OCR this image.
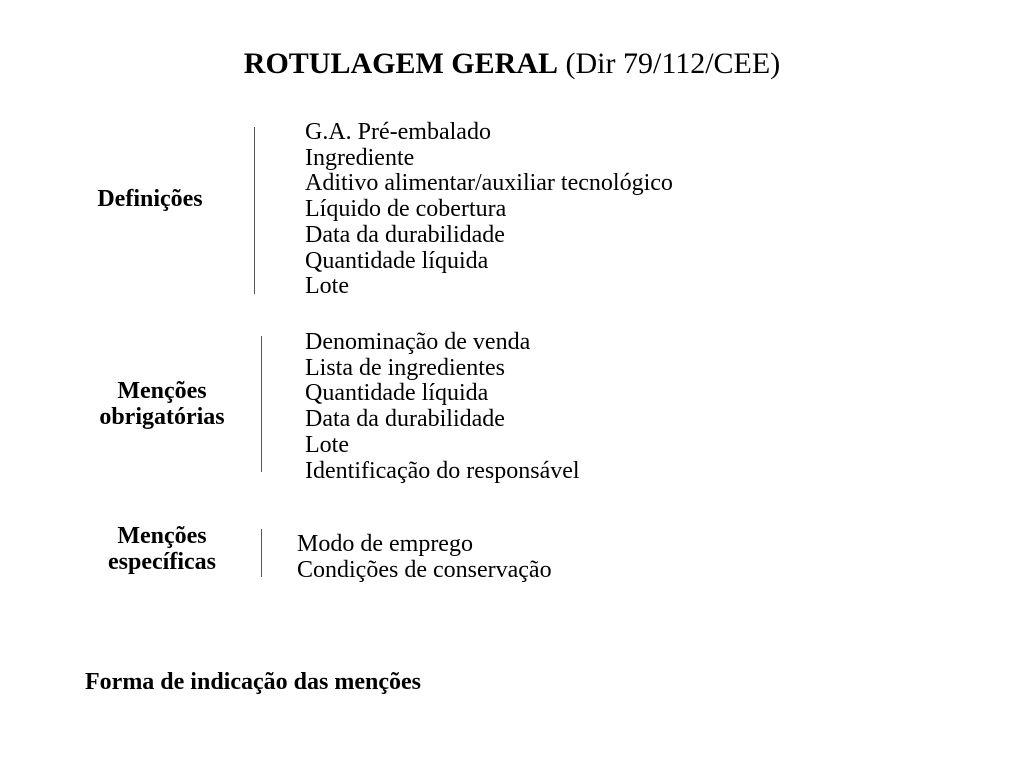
ROTULAGEM GERAL (Dir 79/112/CEE)
Definições
G.A. Pré-embalado
Ingrediente
Aditivo alimentar/auxiliar tecnológico
Líquido de cobertura
Data da durabilidade
Quantidade líquida
Lote
Menções
obrigatórias
Denominação de venda
Lista de ingredientes
Quantidade líquida
Data da durabilidade
Lote
Identificação do responsável
Menções
específicas
Modo de emprego
Condições de conservação
Forma de indicação das menções
